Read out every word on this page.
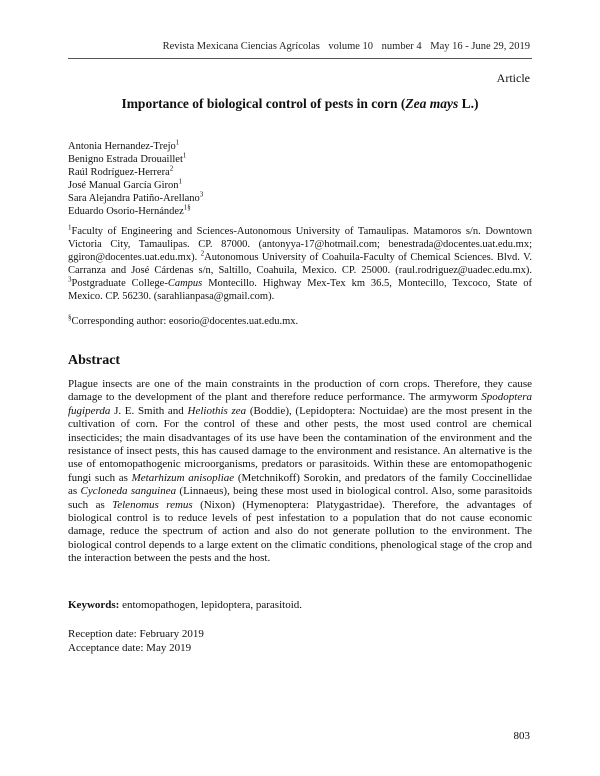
Revista Mexicana Ciencias Agrícolas volume 10 number 4 May 16 - June 29, 2019
Article
Importance of biological control of pests in corn (Zea mays L.)
Antonia Hernandez-Trejo$^1$
Benigno Estrada Drouaillet$^1$
Raúl Rodríguez-Herrera$^2$
José Manual García Giron$^1$
Sara Alejandra Patiño-Arellano$^3$
Eduardo Osorio-Hernández$^{1\S}$

$^1$Faculty of Engineering and Sciences-Autonomous University of Tamaulipas. Matamoros s/n. Downtown Victoria City, Tamaulipas. CP. 87000. (antonyya-17@hotmail.com; benestrada@docentes.uat.edu.mx; ggiron@docentes.uat.edu.mx). $^2$Autonomous University of Coahuila-Faculty of Chemical Sciences. Blvd. V. Carranza and José Cárdenas s/n, Saltillo, Coahuila, Mexico. CP. 25000. (raul.rodriguez@uadec.edu.mx). $^3$Postgraduate College-Campus Montecillo. Highway Mex-Tex km 36.5, Montecillo, Texcoco, State of Mexico. CP. 56230. (sarahlianpasa@gmail.com).

§Corresponding author: eosorio@docentes.uat.edu.mx.
Abstract
Plague insects are one of the main constraints in the production of corn crops. Therefore, they cause damage to the development of the plant and therefore reduce performance. The armyworm Spodoptera fugiperda J. E. Smith and Heliothis zea (Boddie), (Lepidoptera: Noctuidae) are the most present in the cultivation of corn. For the control of these and other pests, the most used control are chemical insecticides; the main disadvantages of its use have been the contamination of the environment and the resistance of insect pests, this has caused damage to the environment and resistance. An alternative is the use of entomopathogenic microorganisms, predators or parasitoids. Within these are entomopathogenic fungi such as Metarhizum anisopliae (Metchnikoff) Sorokin, and predators of the family Coccinellidae as Cycloneda sanguinea (Linnaeus), being these most used in biological control. Also, some parasitoids such as Telenomus remus (Nixon) (Hymenoptera: Platygastridae). Therefore, the advantages of biological control is to reduce levels of pest infestation to a population that do not cause economic damage, reduce the spectrum of action and also do not generate pollution to the environment. The biological control depends to a large extent on the climatic conditions, phenological stage of the crop and the interaction between the pests and the host.
Keywords: entomopathogen, lepidoptera, parasitoid.
Reception date: February 2019
Acceptance date: May 2019
803
